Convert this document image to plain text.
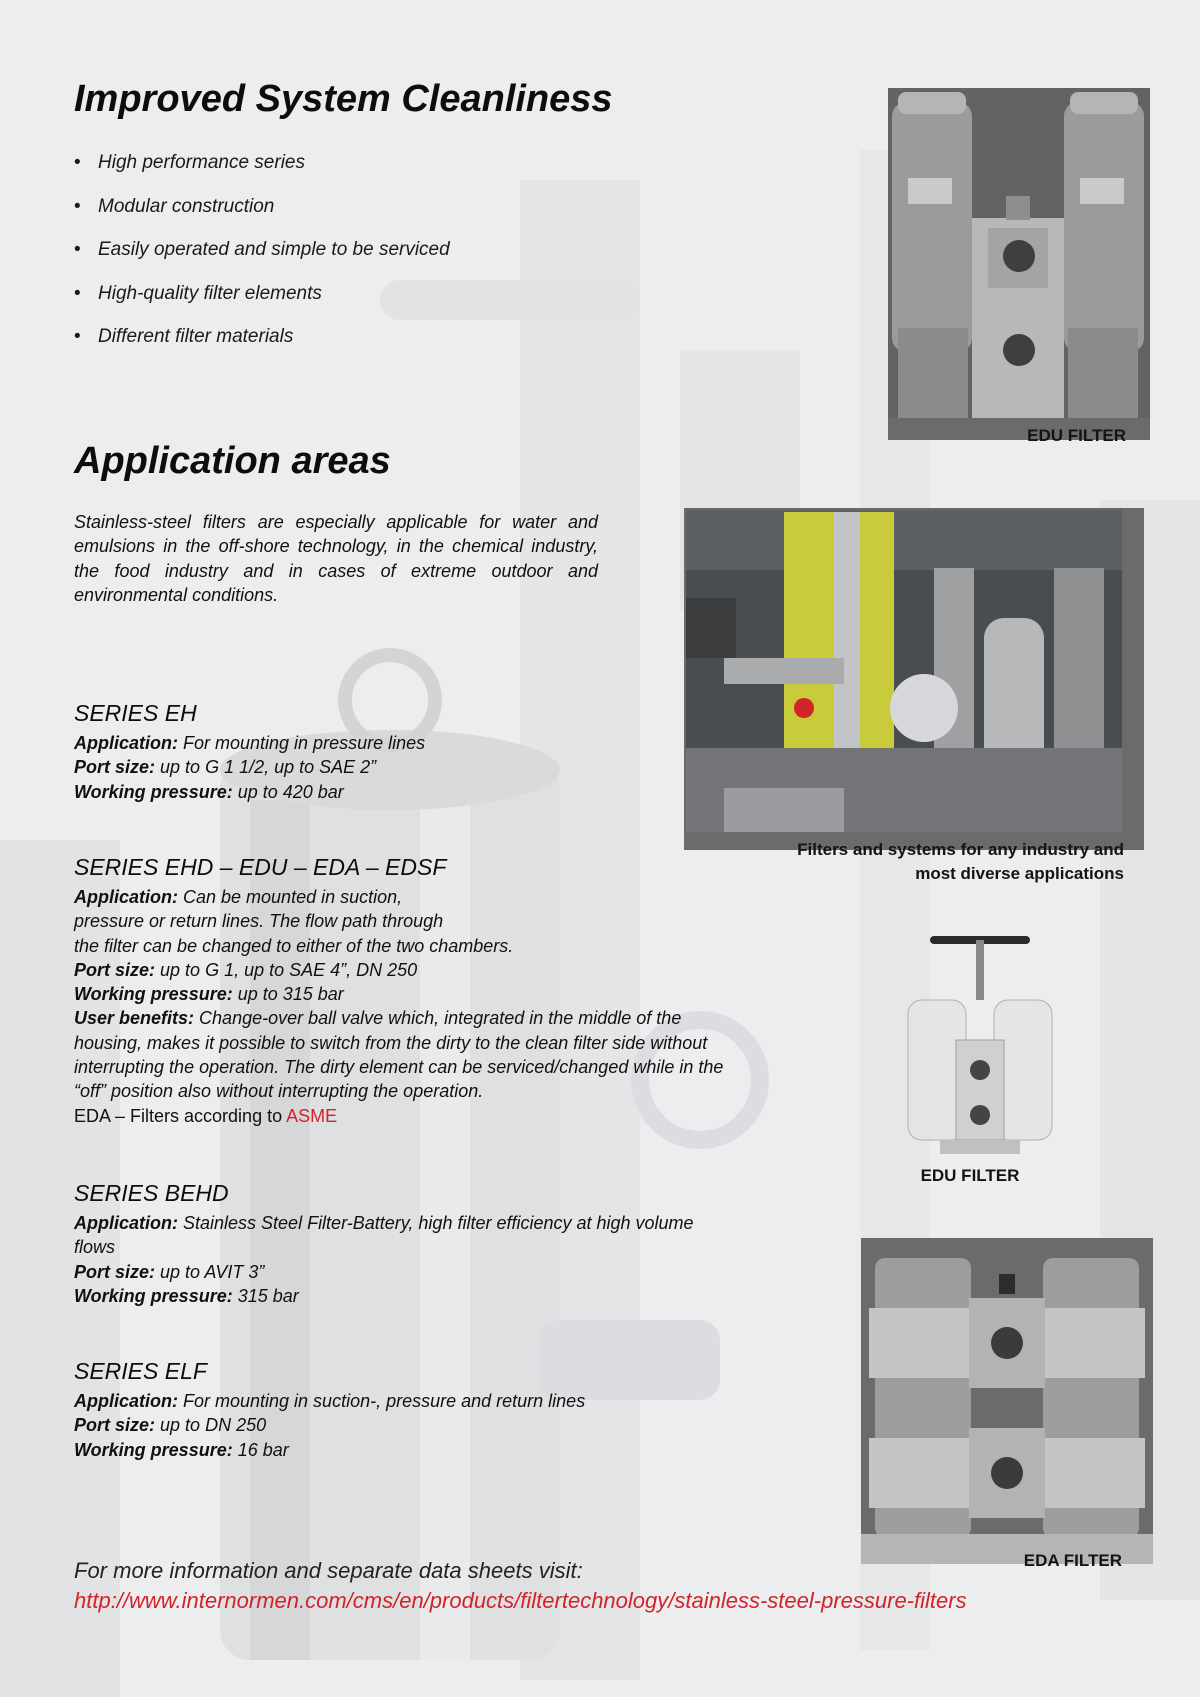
Improved System Cleanliness
• High performance series
• Modular construction
• Easily operated and simple to be serviced
• High-quality filter elements
• Different filter materials
Application areas

Stainless-steel filters are especially applicable for water and emulsions in the off-shore technology, in the chemical industry, the food industry and in cases of extreme outdoor and environmental conditions.

SERIES EH
Application: For mounting in pressure lines
Port size: up to G 1 1/2, up to SAE 2”
Working pressure: up to 420 bar
SERIES EHD – EDU – EDA – EDSF
Application: Can be mounted in suction,
pressure or return lines. The flow path through
the filter can be changed to either of the two chambers.
Port size: up to G 1, up to SAE 4”, DN 250
Working pressure: up to 315 bar
User benefits: Change-over ball valve which, integrated in the middle of the
housing, makes it possible to switch from the dirty to the clean filter side without
interrupting the operation. The dirty element can be serviced/changed while in the
“off” position also without interrupting the operation.
EDA – Filters according to ASME
SERIES BEHD
Application: Stainless Steel Filter-Battery, high filter efficiency at high volume
flows
Port size: up to AVIT 3”
Working pressure: 315 bar
SERIES ELF
Application: For mounting in suction-, pressure and return lines
Port size: up to DN 250
Working pressure: 16 bar
For more information and separate data sheets visit:
http://www.internormen.com/cms/en/products/filtertechnology/stainless-steel-pressure-filters
EDU FILTER
Filters and systems for any industry and
most diverse applications
EDU FILTER
EDA FILTER
